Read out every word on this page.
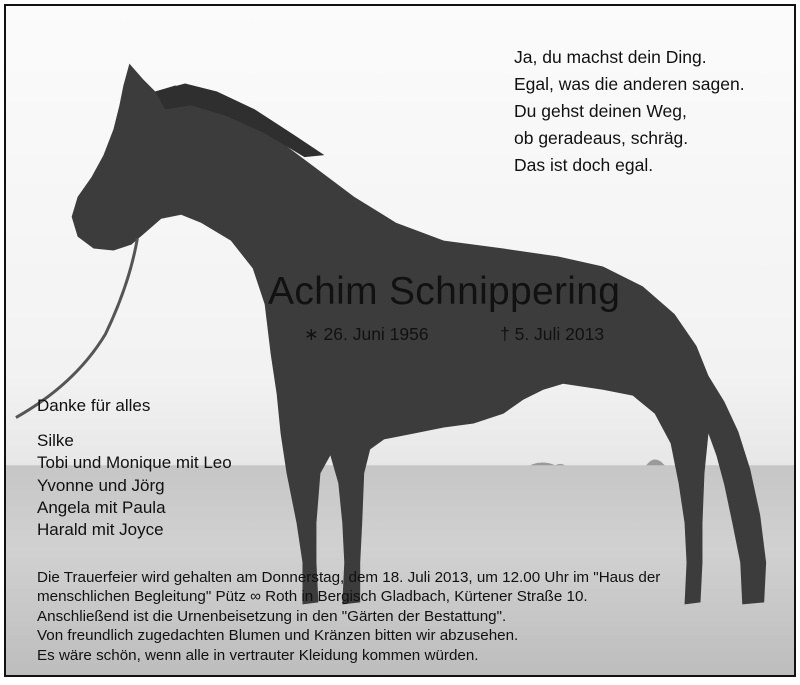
Ja, du machst dein Ding.
Egal, was die anderen sagen.
Du gehst deinen Weg,
ob geradeaus, schräg.
Das ist doch egal.
Achim Schnippering
∗ 26. Juni 1956	† 5. Juli 2013
Danke für alles
Silke
Tobi und Monique mit Leo
Yvonne und Jörg
Angela mit Paula
Harald mit Joyce
Die Trauerfeier wird gehalten am Donnerstag, dem 18. Juli 2013, um 12.00 Uhr im "Haus der
menschlichen Begleitung" Pütz ∞ Roth in Bergisch Gladbach, Kürtener Straße 10.
Anschließend ist die Urnenbeisetzung in den "Gärten der Bestattung".
Von freundlich zugedachten Blumen und Kränzen bitten wir abzusehen.
Es wäre schön, wenn alle in vertrauter Kleidung kommen würden.
